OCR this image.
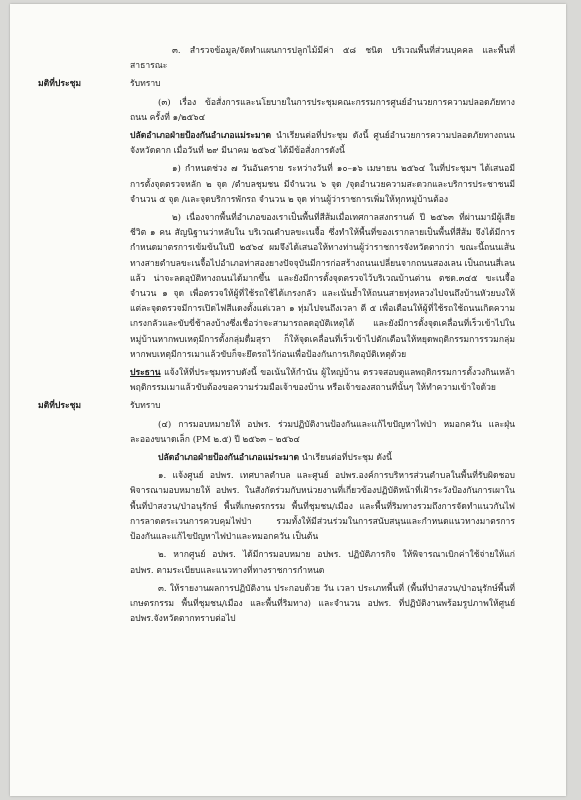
๓. สำรวจข้อมูล/จัดทำแผนการปลูกไม้มีค่า ๕๘ ชนิด บริเวณพื้นที่ส่วนบุคคล และพื้นที่สาธารณะ

มติที่ประชุม	รับทราบ

(๓) เรื่อง ข้อสั่งการและนโยบายในการประชุมคณะกรรมการศูนย์อำนวยการความปลอดภัยทางถนน ครั้งที่ ๑/๒๕๖๔

ปลัดอำเภอฝ่ายป้องกันอำเภอแม่ระมาด นำเรียนต่อที่ประชุม ดังนี้ ศูนย์อำนวยการความปลอดภัยทางถนนจังหวัดตาก เมื่อวันที่ ๒๙ มีนาคม ๒๕๖๔ ได้มีข้อสั่งการดังนี้

๑) กำหนดช่วง ๗ วันอันตราย ระหว่างวันที่ ๑๐–๑๖ เมษายน ๒๕๖๔ ในที่ประชุมฯ ได้เสนอมีการตั้งจุดตรวจหลัก ๒ จุด /ตำบลชุมชน มีจำนวน ๖ จุด /จุดอำนวยความสะดวกและบริการประชาชนมีจำนวน ๕ จุด /และจุดบริการพักรถ จำนวน ๒ จุด ท่านผู้ว่าราชการเพิ่มให้ทุกหมู่บ้านต้อง

๒) เนื่องจากพื้นที่อำเภอของเราเป็นพื้นที่สีส้มเมื่อเทศกาลสงกรานต์ ปี ๒๕๖๓ ที่ผ่านมามีผู้เสียชีวิต ๑ คน สัญนิฐานว่าหลับใน บริเวณตำบลขะเนจื้อ ซึ่งทำให้พื้นที่ของเรากลายเป็นพื้นที่สีส้ม จึงได้มีการกำหนดมาตรการเข้มข้นในปี ๒๕๖๔ ผมจึงได้เสนอให้ทางท่านผู้ว่าราชการจังหวัดตากว่า ขณะนี้ถนนเส้นทางสายตำบลขะเนจื้อไปอำเภอท่าสองยางปัจจุบันมีการก่อสร้างถนนเปลี่ยนจากถนนสองเลน เป็นถนนสี่เลนแล้ว น่าจะลดอุบัติทางถนนได้มากขึ้น และยังมีการตั้งจุดตรวจไว้บริเวณบ้านต่าน ตชด.๓๔๕ ขะเนจื้อ จำนวน ๑ จุด เพื่อตรวจให้ผู้ที่ใช้รถใช้ได้เกรงกลัว และเน้นย้ำให้ถนนสายทุ่งหลวงไปจนถึงบ้านหัวยบงให้แต่ละจุดตรวจมีการเปิดไฟสีแดงตั้งแต่เวลา ๑ ทุ่มไปจนถึงเวลา ตี ๕ เพื่อเตือนให้ผู้ที่ใช้รถใช้ถนนเกิดความเกรงกลัวและขับขี่ช้าลงบ้างซึ่งเชื่อว่าจะสามารถลดอุบัติเหตุได้ และยังมีการตั้งจุดเคลื่อนที่เร็วเข้าไปในหมู่บ้านหากพบเหตุมีการตั้งกลุ่มดื่มสุรา ก็ให้จุดเคลื่อนที่เร็วเข้าไปตักเตือนให้หยุดพฤติกรรมการรวมกลุ่ม หากพบเหตุมีการเมาแล้วขับก็จะยึดรถไว้ก่อนเพื่อป้องกันการเกิดอุบัติเหตุด้วย

ประธาน แจ้งให้ที่ประชุมทราบดังนี้ ขอเน้นให้กำนัน ผู้ใหญ่บ้าน ตรวจสอบดูแลพฤติกรรมการตั้งวงกินเหล้า พฤติกรรมเมาแล้วขับต้องขอความร่วมมือเจ้าของบ้าน หรือเจ้าของสถานที่นั้นๆ ให้ทำความเข้าใจด้วย

มติที่ประชุม	รับทราบ

(๔) การมอบหมายให้ อปพร. ร่วมปฏิบัติงานป้องกันและแก้ไขปัญหาไฟป่า หมอกควัน และฝุ่นละอองขนาดเล็ก (PM ๒.๕) ปี ๒๕๖๓ – ๒๕๖๔

ปลัดอำเภอฝ่ายป้องกันอำเภอแม่ระมาด นำเรียนต่อที่ประชุม ดังนี้

๑. แจ้งศูนย์ อปพร. เทศบาลตำบล และศูนย์ อปพร.องค์การบริหารส่วนตำบลในพื้นที่รับผิดชอบพิจารณามอบหมายให้ อปพร. ในสังกัดร่วมกับหน่วยงานที่เกี่ยวข้องปฏิบัติหน้าที่เฝ้าระวังป้องกันการเผาในพื้นที่ป่าสงวน/ป่าอนุรักษ์ พื้นที่เกษตรกรรม พื้นที่ชุมชน/เมือง และพื้นที่ริมทางรวมถึงการจัดทำแนวกันไฟ การลาดตระเวนการควบคุมไฟป่า รวมทั้งให้มีส่วนร่วมในการสนับสนุนและกำหนดแนวทางมาตรการป้องกันและแก้ไขปัญหาไฟป่าและหมอกควัน เป็นต้น

๒. หากศูนย์ อปพร. ได้มีการมอบหมาย อปพร. ปฏิบัติภารกิจ ให้พิจารณาเบิกค่าใช้จ่ายให้แก่ อปพร. ตามระเบียบและแนวทางที่ทางราชการกำหนด

๓. ให้รายงานผลการปฏิบัติงาน ประกอบด้วย วัน เวลา ประเภทพื้นที่ (พื้นที่ป่าสงวน/ป่าอนุรักษ์พื้นที่เกษตรกรรม พื้นที่ชุมชน/เมือง และพื้นที่ริมทาง) และจำนวน อปพร. ที่ปฏิบัติงานพร้อมรูปภาพให้ศูนย์ อปพร.จังหวัดตากทราบต่อไป
